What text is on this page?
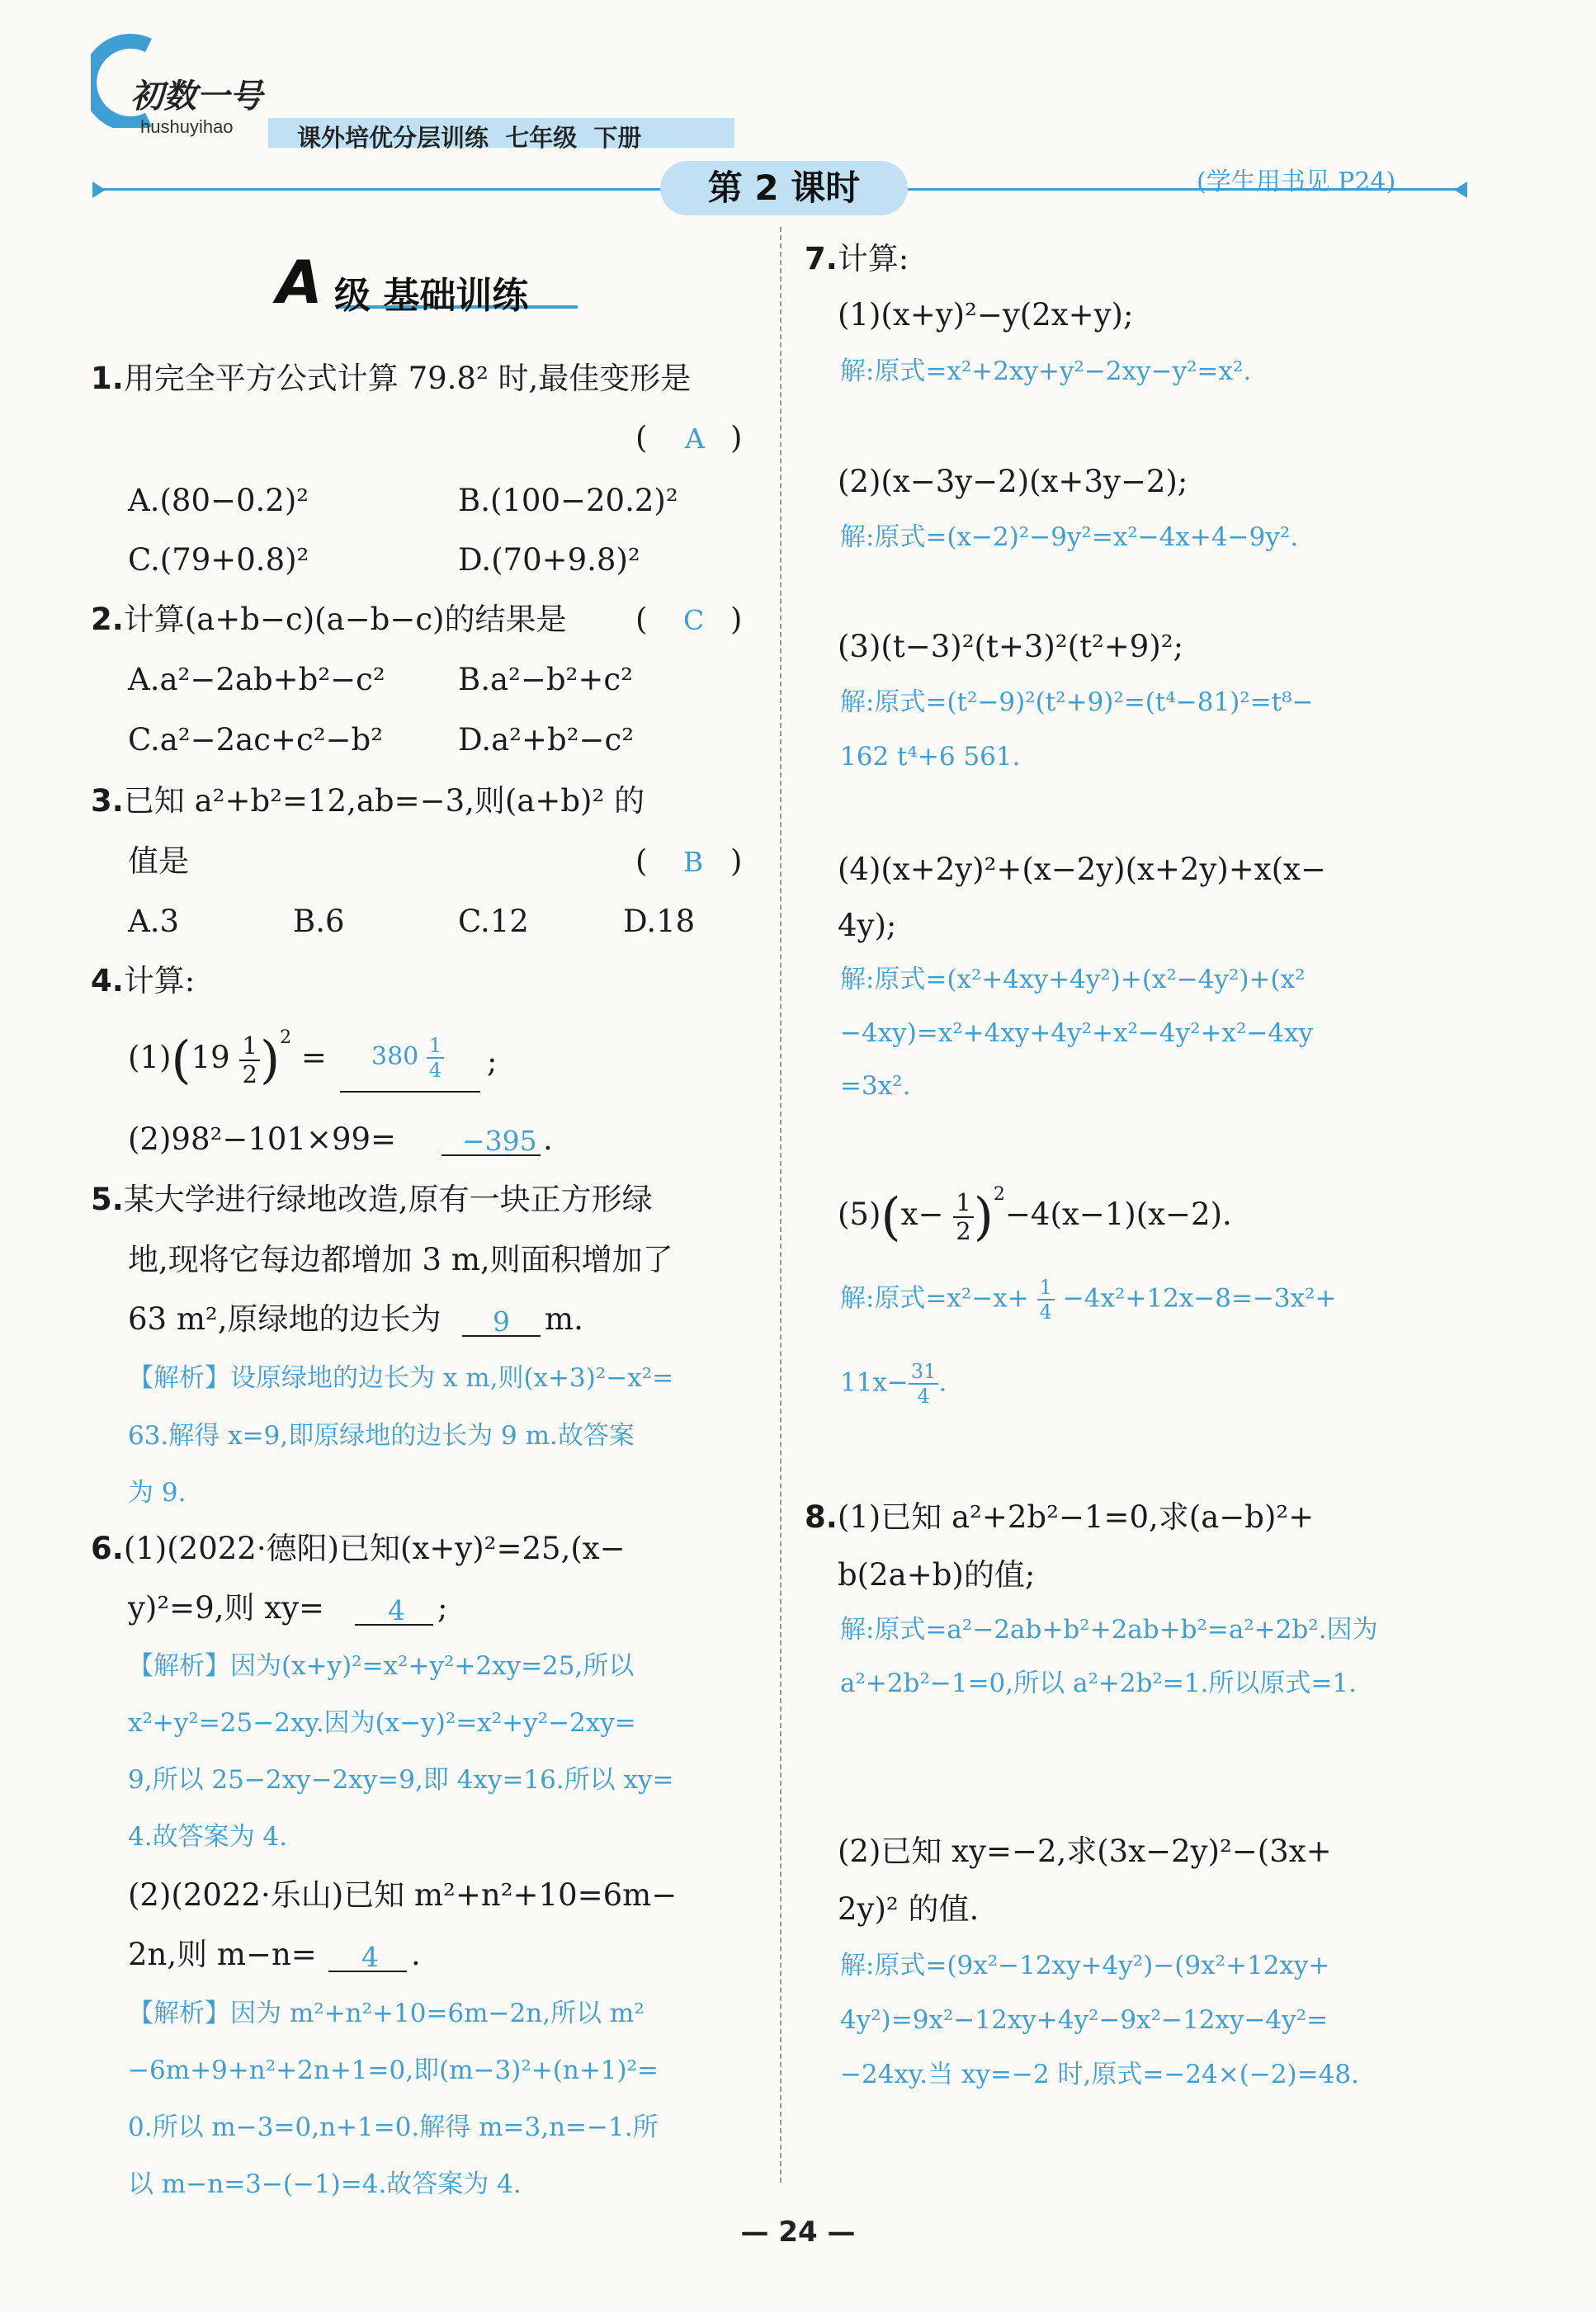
初数一号
hushuyihao	课外培优分层训练  七年级  下册
第 2 课时	(学生用书见 P24)
A 级 基础训练
1.用完全平方公式计算 79.8² 时,最佳变形是
( A )
A.(80−0.2)²	B.(100−20.2)²
C.(79+0.8)²	D.(70+9.8)²
2.计算(a+b−c)(a−b−c)的结果是 ( C )
A.a²−2ab+b²−c² B.a²−b²+c²
C.a²−2ac+c²−b² D.a²+b²−c²
3.已知 a²+b²=12,ab=−3,则(a+b)² 的
值是	( B )
A.3	B.6	C.12	D.18
4.计算:
$(1)(19 \frac{1}{2} )^2 = 380 \frac{1}{4}$ ;
(2)98²−101×99= −395 .
5.某大学进行绿地改造,原有一块正方形绿
地,现将它每边都增加 3 m,则面积增加了
63 m²,原绿地的边长为 9 m.
【解析】设原绿地的边长为 x m,则(x+3)²−x²=
63.解得 x=9,即原绿地的边长为 9 m.故答案
为 9.
6.(1)(2022·德阳)已知(x+y)²=25,(x−
y)²=9,则 xy= 4 ;
【解析】因为(x+y)²=x²+y²+2xy=25,所以
x²+y²=25−2xy.因为(x−y)²=x²+y²−2xy=
9,所以 25−2xy−2xy=9,即 4xy=16.所以 xy=
4.故答案为 4.
(2)(2022·乐山)已知 m²+n²+10=6m−
2n,则 m−n= 4 .
【解析】因为 m²+n²+10=6m−2n,所以 m²
−6m+9+n²+2n+1=0,即(m−3)²+(n+1)²=
0.所以 m−3=0,n+1=0.解得 m=3,n=−1.所
以 m−n=3−(−1)=4.故答案为 4.
7.计算:
(1)(x+y)²−y(2x+y);
解:原式=x²+2xy+y²−2xy−y²=x².
(2)(x−3y−2)(x+3y−2);
解:原式=(x−2)²−9y²=x²−4x+4−9y².
(3)(t−3)²(t+3)²(t²+9)²;
解:原式=(t²−9)²(t²+9)²=(t⁴−81)²=t⁸−
162 t⁴+6 561.
(4)(x+2y)²+(x−2y)(x+2y)+x(x−
4y);
解:原式=(x²+4xy+4y²)+(x²−4y²)+(x²
−4xy)=x²+4xy+4y²+x²−4y²+x²−4xy
=3x².
$(5)(x- \frac{1}{2} )^2-4(x-1)(x-2)$.
解:原式$=x^2-x+ \frac{1}{4} -4x^2+12x-8=-3x^2+$
$11x- \frac{31}{4}$ .
8.(1)已知 a²+2b²−1=0,求(a−b)²+
b(2a+b)的值;
解:原式=a²−2ab+b²+2ab+b²=a²+2b².因为
a²+2b²−1=0,所以 a²+2b²=1.所以原式=1.
(2)已知 xy=−2,求(3x−2y)²−(3x+
2y)² 的值.
解:原式=(9x²−12xy+4y²)−(9x²+12xy+
4y²)=9x²−12xy+4y²−9x²−12xy−4y²=
−24xy.当 xy=−2 时,原式=−24×(−2)=48.
— 24 —
